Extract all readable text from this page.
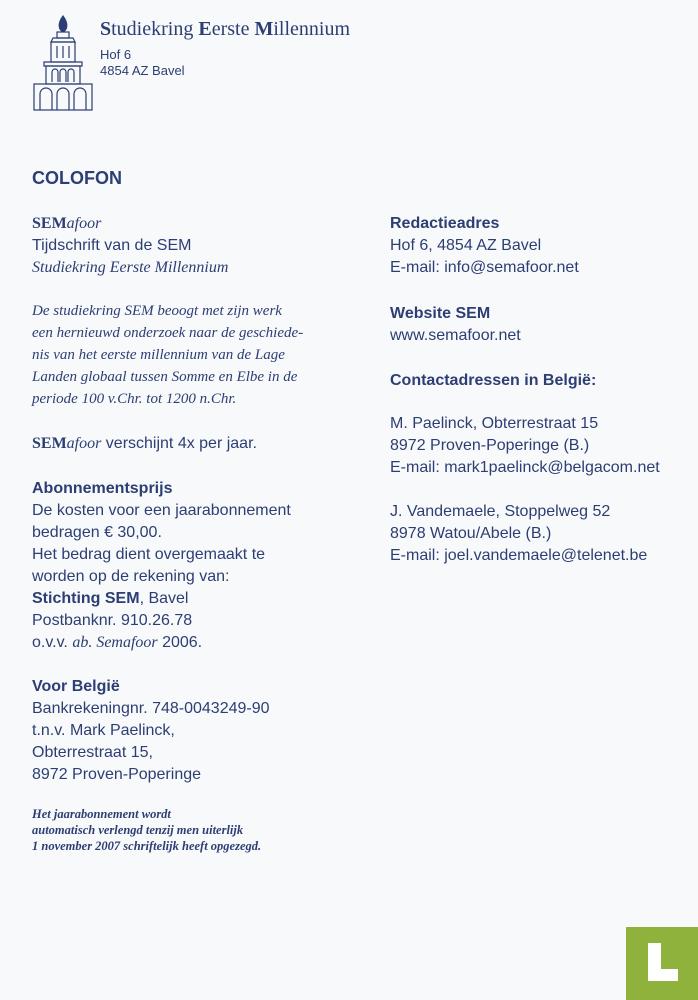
Studiekring Eerste Millennium
Hof 6
4854 AZ Bavel
COLOFON
SEMafoor
Tijdschrift van de SEM
Studiekring Eerste Millennium
De studiekring SEM beoogt met zijn werk
een hernieuwd onderzoek naar de geschiede-
nis van het eerste millennium van de Lage
Landen globaal tussen Somme en Elbe in de
periode 100 v.Chr. tot 1200 n.Chr.
SEMafoor verschijnt 4x per jaar.
Abonnementsprijs
De kosten voor een jaarabonnement
bedragen € 30,00.
Het bedrag dient overgemaakt te
worden op de rekening van:
Stichting SEM, Bavel
Postbanknr. 910.26.78
o.v.v. ab. Semafoor 2006.
Voor België
Bankrekeningnr. 748-0043249-90
t.n.v. Mark Paelinck,
Obterrestraat 15,
8972 Proven-Poperinge
Het jaarabonnement wordt
automatisch verlengd tenzij men uiterlijk
1 november 2007 schriftelijk heeft opgezegd.
Redactieadres
Hof 6, 4854 AZ Bavel
E-mail: info@semafoor.net
Website SEM
www.semafoor.net
Contactadressen in België:
M. Paelinck, Obterrestraat 15
8972 Proven-Poperinge (B.)
E-mail: mark1paelinck@belgacom.net
J. Vandemaele, Stoppelweg 52
8978 Watou/Abele (B.)
E-mail: joel.vandemaele@telenet.be
